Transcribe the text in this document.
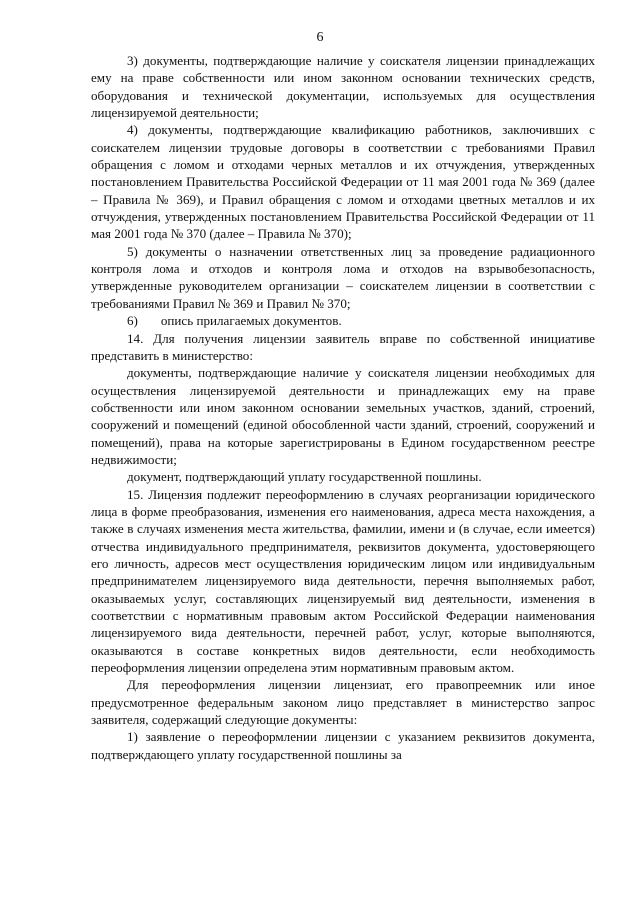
6

3) документы, подтверждающие наличие у соискателя лицензии принадлежащих ему на праве собственности или ином законном основании технических средств, оборудования и технической документации, используемых для осуществления лицензируемой деятельности;

4) документы, подтверждающие квалификацию работников, заключивших с соискателем лицензии трудовые договоры в соответствии с требованиями Правил обращения с ломом и отходами черных металлов и их отчуждения, утвержденных постановлением Правительства Российской Федерации от 11 мая 2001 года № 369 (далее – Правила № 369), и Правил обращения с ломом и отходами цветных металлов и их отчуждения, утвержденных постановлением Правительства Российской Федерации от 11 мая 2001 года № 370 (далее – Правила № 370);

5) документы о назначении ответственных лиц за проведение радиационного контроля лома и отходов и контроля лома и отходов на взрывобезопасность, утвержденные руководителем организации – соискателем лицензии в соответствии с требованиями Правил № 369 и Правил № 370;

6)       опись прилагаемых документов.

14. Для получения лицензии заявитель вправе по собственной инициативе представить в министерство:

документы, подтверждающие наличие у соискателя лицензии необходимых для осуществления лицензируемой деятельности и принадлежащих ему на праве собственности или ином законном основании земельных участков, зданий, строений, сооружений и помещений (единой обособленной части зданий, строений, сооружений и помещений), права на которые зарегистрированы в Едином государственном реестре недвижимости;

документ, подтверждающий уплату государственной пошлины.

15. Лицензия подлежит переоформлению в случаях реорганизации юридического лица в форме преобразования, изменения его наименования, адреса места нахождения, а также в случаях изменения места жительства, фамилии, имени и (в случае, если имеется) отчества индивидуального предпринимателя, реквизитов документа, удостоверяющего его личность, адресов мест осуществления юридическим лицом или индивидуальным предпринимателем лицензируемого вида деятельности, перечня выполняемых работ, оказываемых услуг, составляющих лицензируемый вид деятельности, изменения в соответствии с нормативным правовым актом Российской Федерации наименования лицензируемого вида деятельности, перечней работ, услуг, которые выполняются, оказываются в составе конкретных видов деятельности, если необходимость переоформления лицензии определена этим нормативным правовым актом.

Для переоформления лицензии лицензиат, его правопреемник или иное предусмотренное федеральным законом лицо представляет в министерство запрос заявителя, содержащий следующие документы:

1) заявление о переоформлении лицензии с указанием реквизитов документа, подтверждающего уплату государственной пошлины за
